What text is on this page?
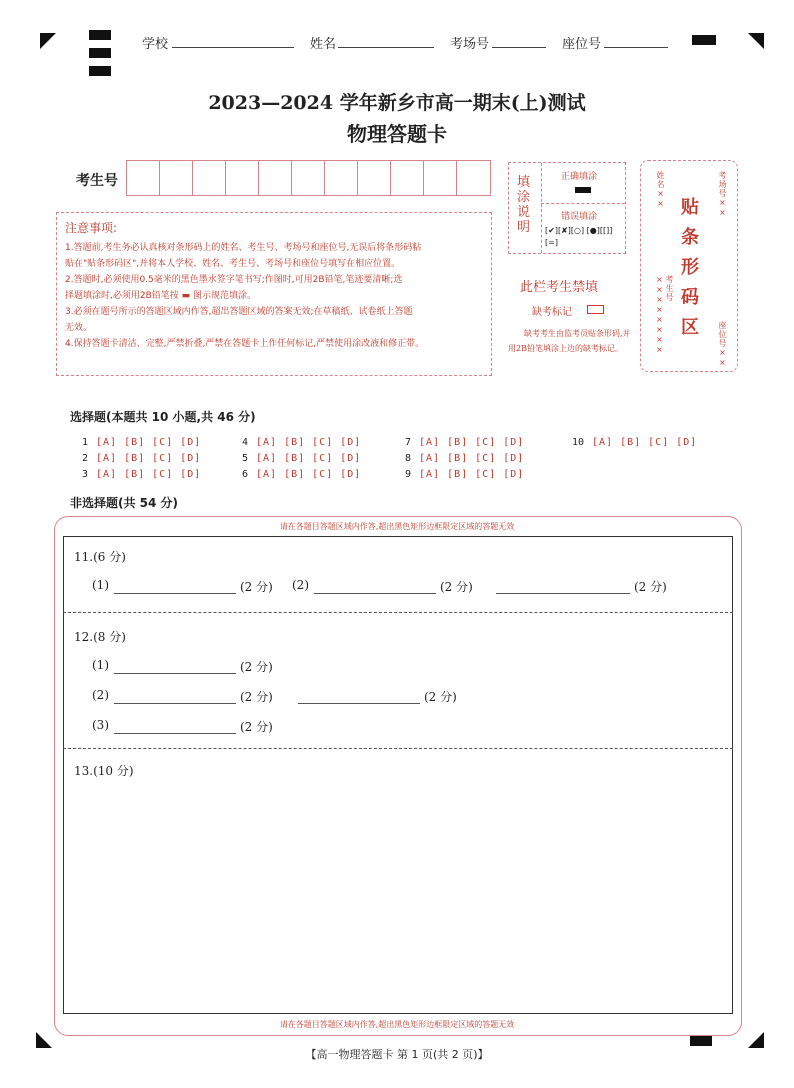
学校	姓名	考场号	座位号
2023—2024 学年新乡市高一期末(上)测试
物理答题卡
考生号
注意事项:
1.答题前,考生务必认真核对条形码上的姓名、考生号、考场号和座位号,无误后将条形码粘
贴在"贴条形码区",并将本人学校、姓名、考生号、考场号和座位号填写在相应位置。
2.答题时,必须使用0.5毫米的黑色墨水签字笔书写;作图时,可用2B铅笔,笔迹要清晰;选
择题填涂时,必须用2B铅笔按 ▬ 图示规范填涂。
3.必须在题号所示的答题区域内作答,超出答题区域的答案无效;在草稿纸、试卷纸上答题
无效。
4.保持答题卡清洁、完整,严禁折叠,严禁在答题卡上作任何标记,严禁使用涂改液和修正带。
填涂说明
正确填涂
错误填涂
[✔][✘][○] [●][[]][=]
此栏考生禁填
缺考标记
缺考考生由监考员贴条形码,并用2B铅笔填涂上边的缺考标记。
姓名××	考场号××
考生号××××××××	座位号××
贴条形码区
选择题(本题共 10 小题,共 46 分)
1 [A] [B] [C] [D]
2 [A] [B] [C] [D]
3 [A] [B] [C] [D]
4 [A] [B] [C] [D]
5 [A] [B] [C] [D]
6 [A] [B] [C] [D]
7 [A] [B] [C] [D]
8 [A] [B] [C] [D]
9 [A] [B] [C] [D]
10 [A] [B] [C] [D]
非选择题(共 54 分)
请在各题目答题区域内作答,超出黑色矩形边框限定区域的答题无效
请在各题目答题区域内作答,超出黑色矩形边框限定区域的答题无效
11.(6 分)
(1)	(2 分) (2)	(2 分)	(2 分)
12.(8 分)
(1)	(2 分)
(2)	(2 分)	(2 分)
(3)	(2 分)
13.(10 分)
【高一物理答题卡 第 1 页(共 2 页)】
